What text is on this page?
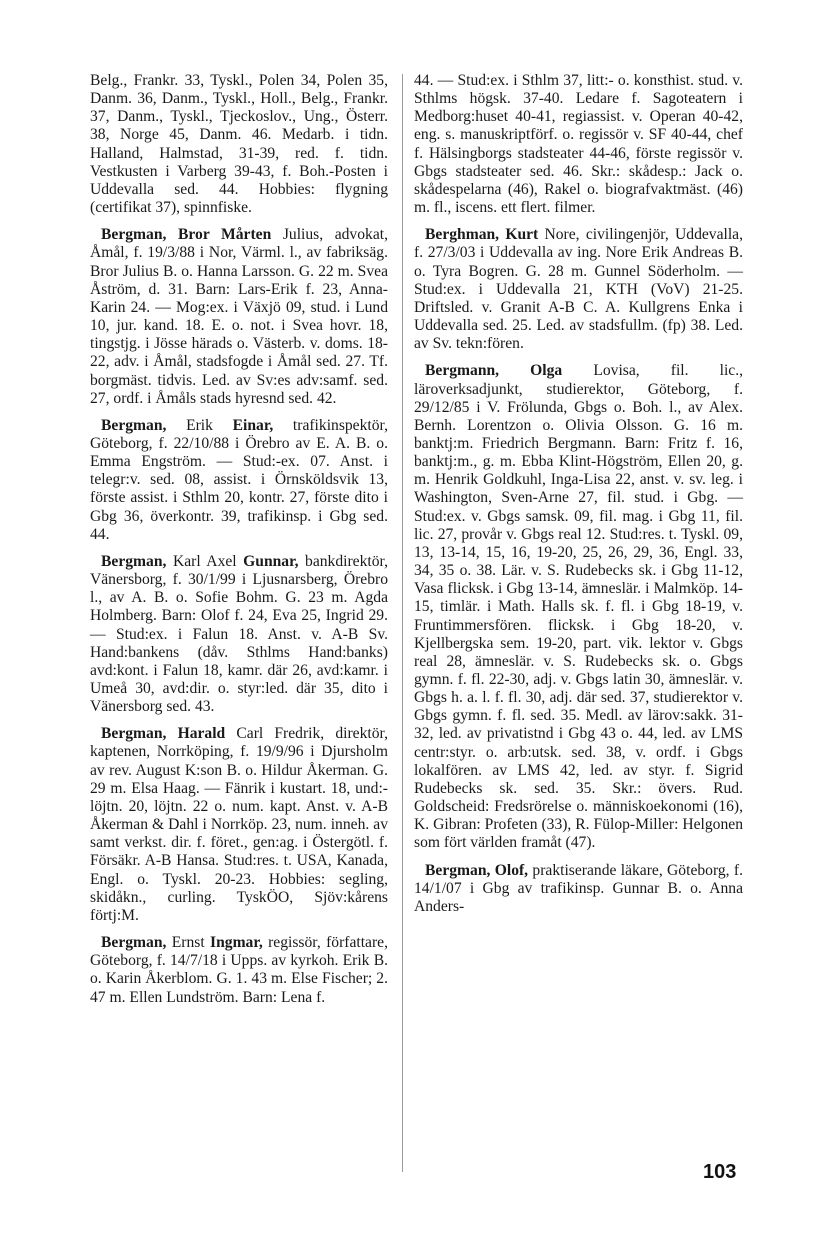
Belg., Frankr. 33, Tyskl., Polen 34, Polen 35, Danm. 36, Danm., Tyskl., Holl., Belg., Frankr. 37, Danm., Tyskl., Tjeckoslov., Ung., Österr. 38, Norge 45, Danm. 46. Medarb. i tidn. Halland, Halmstad, 31-39, red. f. tidn. Vestkusten i Varberg 39-43, f. Boh.-Posten i Uddevalla sed. 44. Hobbies: flygning (certifikat 37), spinnfiske.

Bergman, Bror Mårten Julius, advokat, Åmål, f. 19/3/88 i Nor, Värml. l., av fabriksäg. Bror Julius B. o. Hanna Larsson. G. 22 m. Svea Åström, d. 31. Barn: Lars-Erik f. 23, Anna-Karin 24. — Mog:ex. i Växjö 09, stud. i Lund 10, jur. kand. 18. E. o. not. i Svea hovr. 18, tingstjg. i Jösse härads o. Västerb. v. doms. 18-22, adv. i Åmål, stadsfogde i Åmål sed. 27. Tf. borgmäst. tidvis. Led. av Sv:es adv:samf. sed. 27, ordf. i Åmåls stads hyresnd sed. 42.

Bergman, Erik Einar, trafikinspektör, Göteborg, f. 22/10/88 i Örebro av E. A. B. o. Emma Engström. — Stud:-ex. 07. Anst. i telegr:v. sed. 08, assist. i Örnsköldsvik 13, förste assist. i Sthlm 20, kontr. 27, förste dito i Gbg 36, överkontr. 39, trafikinsp. i Gbg sed. 44.

Bergman, Karl Axel Gunnar, bankdirektör, Vänersborg, f. 30/1/99 i Ljusnarsberg, Örebro l., av A. B. o. Sofie Bohm. G. 23 m. Agda Holmberg. Barn: Olof f. 24, Eva 25, Ingrid 29. — Stud:ex. i Falun 18. Anst. v. A-B Sv. Hand:bankens (dåv. Sthlms Hand:banks) avd:kont. i Falun 18, kamr. där 26, avd:kamr. i Umeå 30, avd:dir. o. styr:led. där 35, dito i Vänersborg sed. 43.

Bergman, Harald Carl Fredrik, direktör, kaptenen, Norrköping, f. 19/9/96 i Djursholm av rev. August K:son B. o. Hildur Åkerman. G. 29 m. Elsa Haag. — Fänrik i kustart. 18, und:-löjtn. 20, löjtn. 22 o. num. kapt. Anst. v. A-B Åkerman & Dahl i Norrköp. 23, num. inneh. av samt verkst. dir. f. föret., gen:ag. i Östergötl. f. Försäkr. A-B Hansa. Stud:res. t. USA, Kanada, Engl. o. Tyskl. 20-23. Hobbies: segling, skidåkn., curling. TyskÖO, Sjöv:kårens förtj:M.

Bergman, Ernst Ingmar, regissör, författare, Göteborg, f. 14/7/18 i Upps. av kyrkoh. Erik B. o. Karin Åkerblom. G. 1. 43 m. Else Fischer; 2. 47 m. Ellen Lundström. Barn: Lena f.

44. — Stud:ex. i Sthlm 37, litt:- o. konsthist. stud. v. Sthlms högsk. 37-40. Ledare f. Sagoteatern i Medborg:huset 40-41, regiassist. v. Operan 40-42, eng. s. manuskriptförf. o. regissör v. SF 40-44, chef f. Hälsingborgs stadsteater 44-46, förste regissör v. Gbgs stadsteater sed. 46. Skr.: skådesp.: Jack o. skådespelarna (46), Rakel o. biografvaktmäst. (46) m. fl., iscens. ett flert. filmer.

Berghman, Kurt Nore, civilingenjör, Uddevalla, f. 27/3/03 i Uddevalla av ing. Nore Erik Andreas B. o. Tyra Bogren. G. 28 m. Gunnel Söderholm. — Stud:ex. i Uddevalla 21, KTH (VoV) 21-25. Driftsled. v. Granit A-B C. A. Kullgrens Enka i Uddevalla sed. 25. Led. av stadsfullm. (fp) 38. Led. av Sv. tekn:fören.

Bergmann, Olga Lovisa, fil. lic., läroverksadjunkt, studierektor, Göteborg, f. 29/12/85 i V. Frölunda, Gbgs o. Boh. l., av Alex. Bernh. Lorentzon o. Olivia Olsson. G. 16 m. banktj:m. Friedrich Bergmann. Barn: Fritz f. 16, banktj:m., g. m. Ebba Klint-Högström, Ellen 20, g. m. Henrik Goldkuhl, Inga-Lisa 22, anst. v. sv. leg. i Washington, Sven-Arne 27, fil. stud. i Gbg. — Stud:ex. v. Gbgs samsk. 09, fil. mag. i Gbg 11, fil. lic. 27, provår v. Gbgs real 12. Stud:res. t. Tyskl. 09, 13, 13-14, 15, 16, 19-20, 25, 26, 29, 36, Engl. 33, 34, 35 o. 38. Lär. v. S. Rudebecks sk. i Gbg 11-12, Vasa flicksk. i Gbg 13-14, ämneslär. i Malmköp. 14-15, timlär. i Math. Halls sk. f. fl. i Gbg 18-19, v. Fruntimmersfören. flicksk. i Gbg 18-20, v. Kjellbergska sem. 19-20, part. vik. lektor v. Gbgs real 28, ämneslär. v. S. Rudebecks sk. o. Gbgs gymn. f. fl. 22-30, adj. v. Gbgs latin 30, ämneslär. v. Gbgs h. a. l. f. fl. 30, adj. där sed. 37, studierektor v. Gbgs gymn. f. fl. sed. 35. Medl. av lärov:sakk. 31-32, led. av privatistnd i Gbg 43 o. 44, led. av LMS centr:styr. o. arb:utsk. sed. 38, v. ordf. i Gbgs lokalfören. av LMS 42, led. av styr. f. Sigrid Rudebecks sk. sed. 35. Skr.: övers. Rud. Goldscheid: Fredsrörelse o. människoekonomi (16), K. Gibran: Profeten (33), R. Fülop-Miller: Helgonen som fört världen framåt (47).

Bergman, Olof, praktiserande läkare, Göteborg, f. 14/1/07 i Gbg av trafikinsp. Gunnar B. o. Anna Anders-

103
